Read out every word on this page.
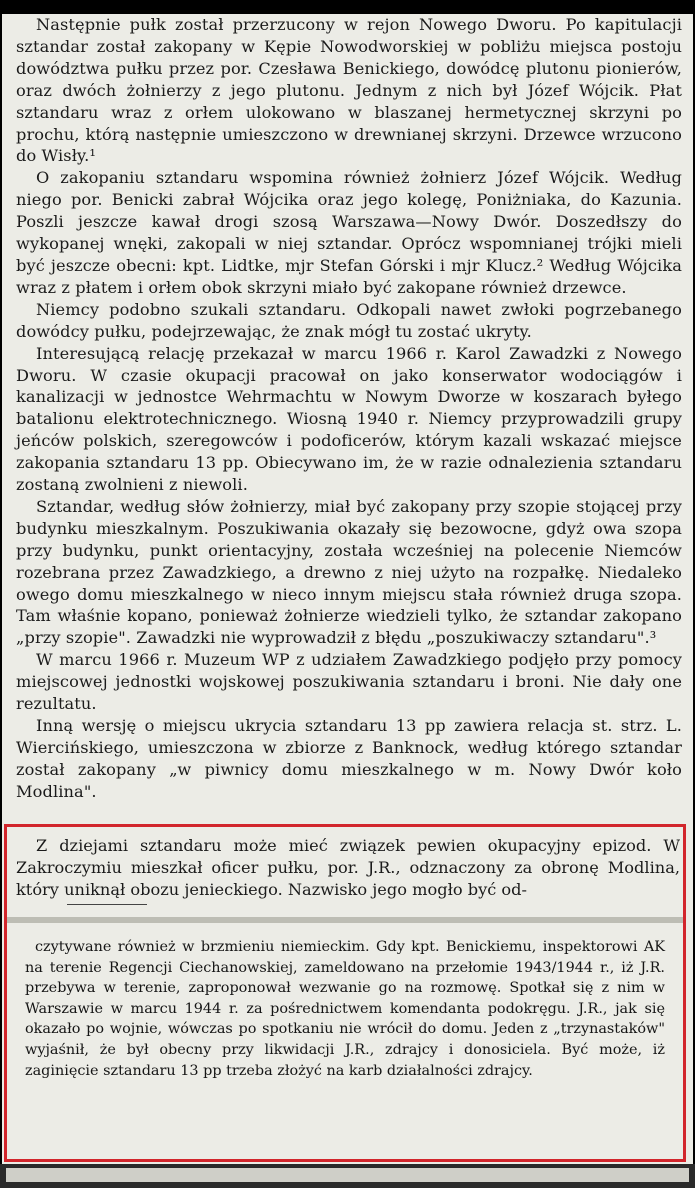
Następnie pułk został przerzucony w rejon Nowego Dworu. Po kapitulacji sztandar został zakopany w Kępie Nowodworskiej w pobliżu miejsca postoju dowództwa pułku przez por. Czesława Benickiego, dowódcę plutonu pionierów, oraz dwóch żołnierzy z jego plutonu. Jednym z nich był Józef Wójcik. Płat sztandaru wraz z orłem ulokowano w blaszanej hermetycznej skrzyni po prochu, którą następnie umieszczono w drewnianej skrzyni. Drzewce wrzucono do Wisły.¹

O zakopaniu sztandaru wspomina również żołnierz Józef Wójcik. Według niego por. Benicki zabrał Wójcika oraz jego kolegę, Poniżniaka, do Kazunia. Poszli jeszcze kawał drogi szosą Warszawa—Nowy Dwór. Doszedłszy do wykopanej wnęki, zakopali w niej sztandar. Oprócz wspomnianej trójki mieli być jeszcze obecni: kpt. Lidtke, mjr Stefan Górski i mjr Klucz.² Według Wójcika wraz z płatem i orłem obok skrzyni miało być zakopane również drzewce.

Niemcy podobno szukali sztandaru. Odkopali nawet zwłoki pogrzebanego dowódcy pułku, podejrzewając, że znak mógł tu zostać ukryty.

Interesującą relację przekazał w marcu 1966 r. Karol Zawadzki z Nowego Dworu. W czasie okupacji pracował on jako konserwator wodociągów i kanalizacji w jednostce Wehrmachtu w Nowym Dworze w koszarach byłego batalionu elektrotechnicznego. Wiosną 1940 r. Niemcy przyprowadzili grupy jeńców polskich, szeregowców i podoficerów, którym kazali wskazać miejsce zakopania sztandaru 13 pp. Obiecywano im, że w razie odnalezienia sztandaru zostaną zwolnieni z niewoli.

Sztandar, według słów żołnierzy, miał być zakopany przy szopie stojącej przy budynku mieszkalnym. Poszukiwania okazały się bezowocne, gdyż owa szopa przy budynku, punkt orientacyjny, została wcześniej na polecenie Niemców rozebrana przez Zawadzkiego, a drewno z niej użyto na rozpałkę. Niedaleko owego domu mieszkalnego w nieco innym miejscu stała również druga szopa. Tam właśnie kopano, ponieważ żołnierze wiedzieli tylko, że sztandar zakopano „przy szopie". Zawadzki nie wyprowadził z błędu „poszukiwaczy sztandaru".³

W marcu 1966 r. Muzeum WP z udziałem Zawadzkiego podjęło przy pomocy miejscowej jednostki wojskowej poszukiwania sztandaru i broni. Nie dały one rezultatu.

Inną wersję o miejscu ukrycia sztandaru 13 pp zawiera relacja st. strz. L. Wiercińskiego, umieszczona w zbiorze z Banknock, według którego sztandar został zakopany „w piwnicy domu mieszkalnego w m. Nowy Dwór koło Modlina".

Z dziejami sztandaru może mieć związek pewien okupacyjny epizod. W Zakroczymiu mieszkał oficer pułku, por. J.R., odznaczony za obronę Modlina, który uniknął obozu jenieckiego. Nazwisko jego mogło być od-

czytywane również w brzmieniu niemieckim. Gdy kpt. Benickiemu, inspektorowi AK na terenie Regencji Ciechanowskiej, zameldowano na przełomie 1943/1944 r., iż J.R. przebywa w terenie, zaproponował wezwanie go na rozmowę. Spotkał się z nim w Warszawie w marcu 1944 r. za pośrednictwem komendanta podokręgu. J.R., jak się okazało po wojnie, wówczas po spotkaniu nie wrócił do domu. Jeden z „trzynastaków" wyjaśnił, że był obecny przy likwidacji J.R., zdrajcy i donosiciela. Być może, iż zaginięcie sztandaru 13 pp trzeba złożyć na karb działalności zdrajcy.
